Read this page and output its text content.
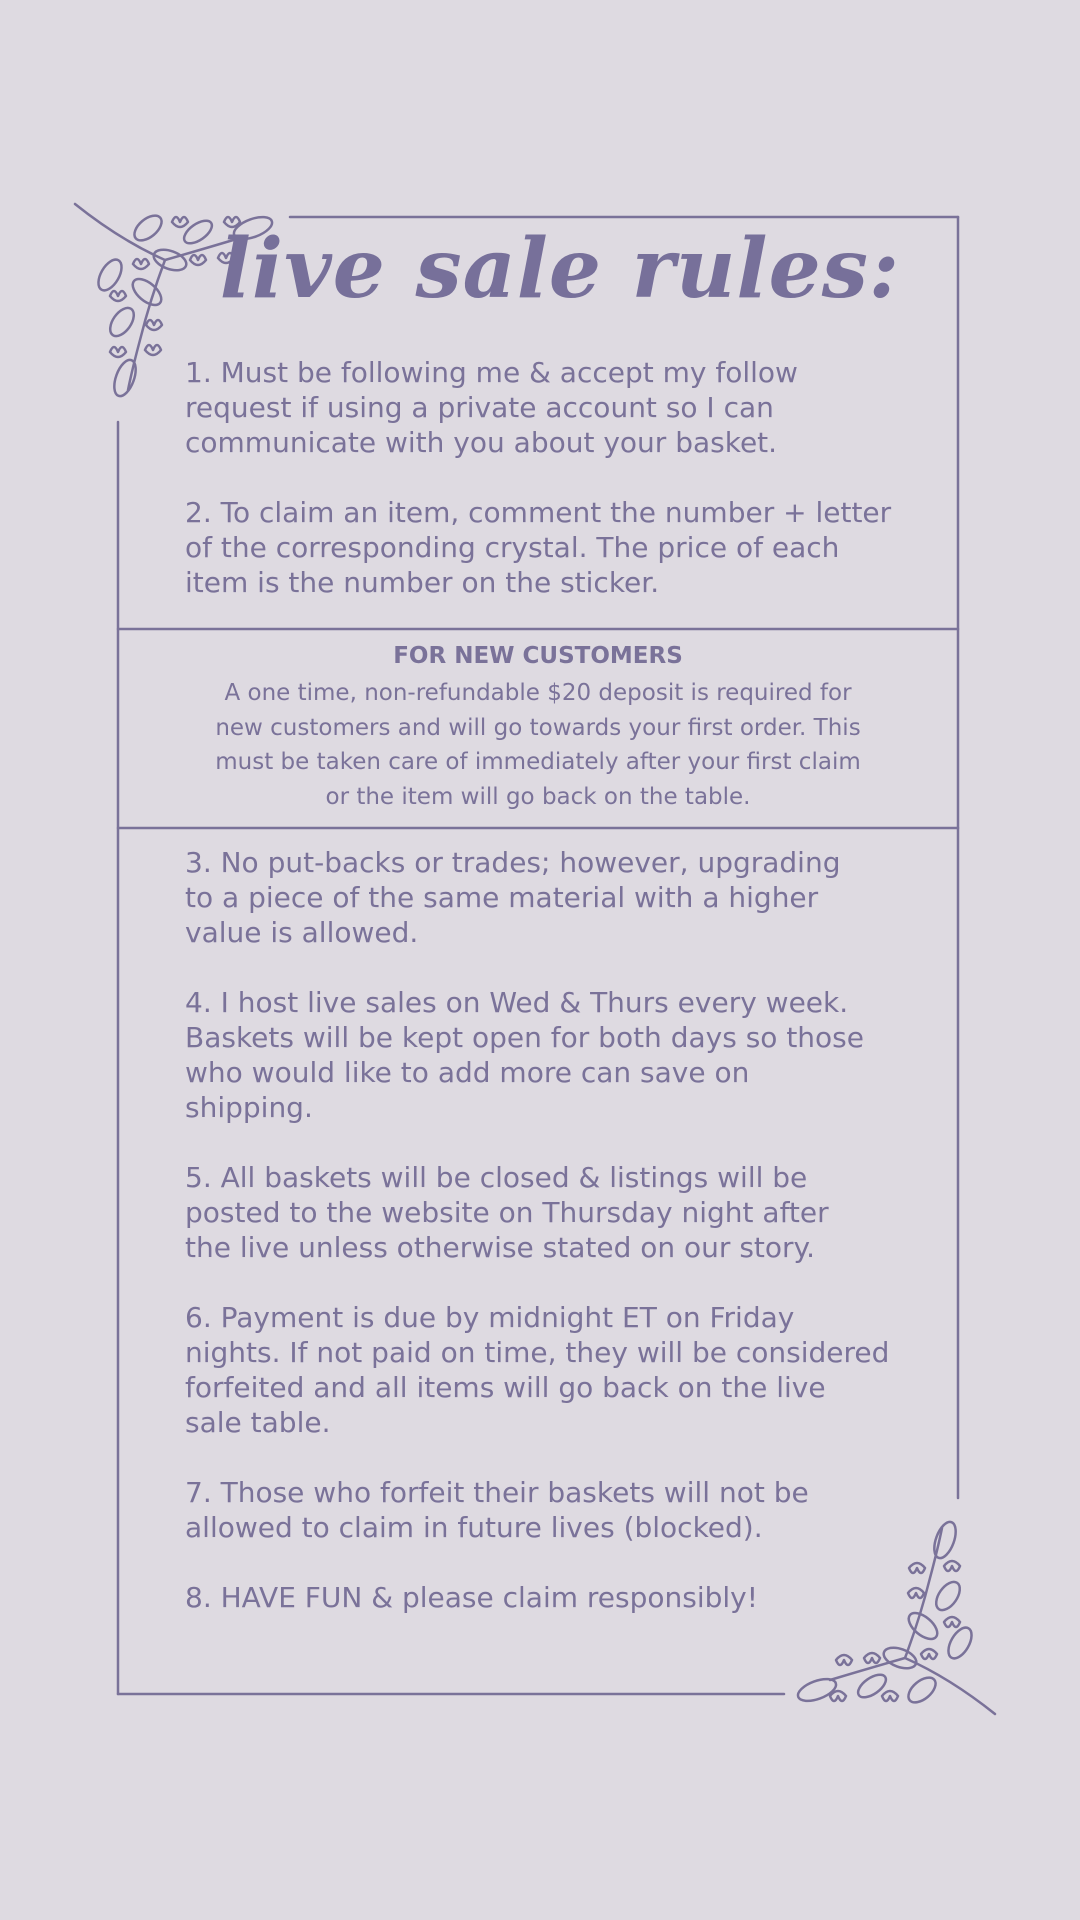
live sale rules:
1. Must be following me & accept my follow
request if using a private account so I can
communicate with you about your basket.
2. To claim an item, comment the number + letter
of the corresponding crystal. The price of each
item is the number on the sticker.

FOR NEW CUSTOMERS

A one time, non-refundable $20 deposit is required for
new customers and will go towards your first order. This
must be taken care of immediately after your first claim
or the item will go back on the table.

3. No put-backs or trades; however, upgrading
to a piece of the same material with a higher
value is allowed.
4. I host live sales on Wed & Thurs every week.
Baskets will be kept open for both days so those
who would like to add more can save on
shipping.
5. All baskets will be closed & listings will be
posted to the website on Thursday night after
the live unless otherwise stated on our story.
6. Payment is due by midnight ET on Friday
nights. If not paid on time, they will be considered
forfeited and all items will go back on the live
sale table.
7. Those who forfeit their baskets will not be
allowed to claim in future lives (blocked).
8. HAVE FUN & please claim responsibly!
